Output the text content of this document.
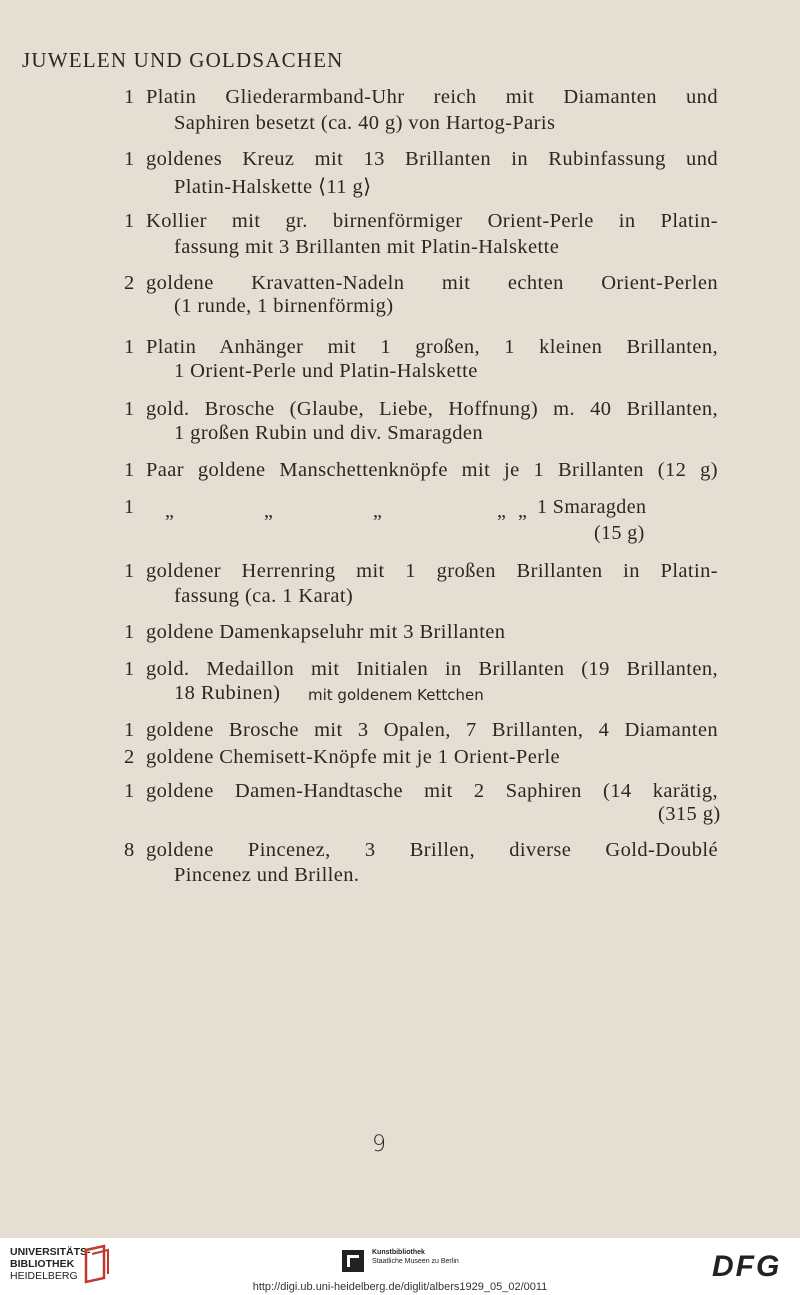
JUWELEN UND GOLDSACHEN
1 Platin Gliederarmband-Uhr reich mit Diamanten und
Saphiren besetzt (ca. 40 g) von Hartog-Paris
1 goldenes Kreuz mit 13 Brillanten in Rubinfassung und
Platin-Halskette ⟨11 g⟩
1 Kollier mit gr. birnenförmiger Orient-Perle in Platin-
fassung mit 3 Brillanten mit Platin-Halskette
2 goldene Kravatten-Nadeln mit echten Orient-Perlen
(1 runde, 1 birnenförmig)
1 Platin Anhänger mit 1 großen, 1 kleinen Brillanten,
1 Orient-Perle und Platin-Halskette
1 gold. Brosche (Glaube, Liebe, Hoffnung) m. 40 Brillanten,
1 großen Rubin und div. Smaragden
1 Paar goldene Manschettenknöpfe mit je 1 Brillanten (12 g)
1 „	„	„	„ „ 1 Smaragden
(15 g)
1 goldener Herrenring mit 1 großen Brillanten in Platin-
fassung (ca. 1 Karat)
1 goldene Damenkapseluhr mit 3 Brillanten
1 gold. Medaillon mit Initialen in Brillanten (19 Brillanten,
18 Rubinen) mit goldenem Kettchen
1 goldene Brosche mit 3 Opalen, 7 Brillanten, 4 Diamanten
2 goldene Chemisett-Knöpfe mit je 1 Orient-Perle
1 goldene Damen-Handtasche mit 2 Saphiren (14 karätig,
(315 g)
8 goldene Pincenez, 3 Brillen, diverse Gold-Doublé
Pincenez und Brillen.
9
UNIVERSITÄTS-
BIBLIOTHEK
HEIDELBERG
Kunstbibliothek
Staatliche Museen zu Berlin	DFG
http://digi.ub.uni-heidelberg.de/diglit/albers1929_05_02/0011
